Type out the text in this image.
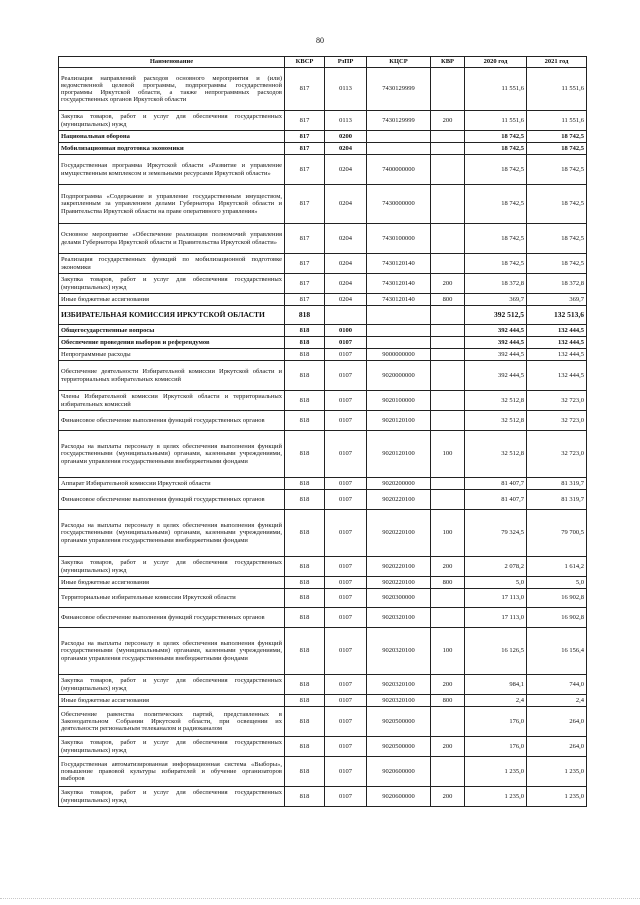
80
Наименование	КВСР	РзПР	КЦСР	КВР	2020 год	2021 год
Реализация направлений расходов основного мероприятия и (или) ведомственной целевой программы, подпрограммы государственной программы Иркутской области, а также непрограммных расходов государственных органов Иркутской области	817	0113	7430129999		11 551,6	11 551,6
Закупка товаров, работ и услуг для обеспечения государственных (муниципальных) нужд	817	0113	7430129999	200	11 551,6	11 551,6
Национальная оборона	817	0200			18 742,5	18 742,5
Мобилизационная подготовка экономики	817	0204			18 742,5	18 742,5
Государственная программа Иркутской области «Развитие и управление имущественным комплексом и земельными ресурсами Иркутской области»	817	0204	7400000000		18 742,5	18 742,5
Подпрограмма «Содержание и управление государственным имуществом, закрепленным за управлением делами Губернатора Иркутской области и Правительства Иркутской области на праве оперативного управления»	817	0204	7430000000		18 742,5	18 742,5
Основное мероприятие «Обеспечение реализации полномочий управления делами Губернатора Иркутской области и Правительства Иркутской области»	817	0204	7430100000		18 742,5	18 742,5
Реализация государственных функций по мобилизационной подготовке экономики	817	0204	7430120140		18 742,5	18 742,5
Закупка товаров, работ и услуг для обеспечения государственных (муниципальных) нужд	817	0204	7430120140	200	18 372,8	18 372,8
Иные бюджетные ассигнования	817	0204	7430120140	800	369,7	369,7
ИЗБИРАТЕЛЬНАЯ КОМИССИЯ ИРКУТСКОЙ ОБЛАСТИ	818				392 512,5	132 513,6
Общегосударственные вопросы	818	0100			392 444,5	132 444,5
Обеспечение проведения выборов и референдумов	818	0107			392 444,5	132 444,5
Непрограммные расходы	818	0107	9000000000		392 444,5	132 444,5
Обеспечение деятельности Избирательной комиссии Иркутской области и территориальных избирательных комиссий	818	0107	9020000000		392 444,5	132 444,5
Члены Избирательной комиссии Иркутской области и территориальных избирательных комиссий	818	0107	9020100000		32 512,8	32 723,0
Финансовое обеспечение выполнения функций государственных органов	818	0107	9020120100		32 512,8	32 723,0
Расходы на выплаты персоналу в целях обеспечения выполнения функций государственными (муниципальными) органами, казенными учреждениями, органами управления государственными внебюджетными фондами	818	0107	9020120100	100	32 512,8	32 723,0
Аппарат Избирательной комиссии Иркутской области	818	0107	9020200000		81 407,7	81 319,7
Финансовое обеспечение выполнения функций государственных органов	818	0107	9020220100		81 407,7	81 319,7
Расходы на выплаты персоналу в целях обеспечения выполнения функций государственными (муниципальными) органами, казенными учреждениями, органами управления государственными внебюджетными фондами	818	0107	9020220100	100	79 324,5	79 700,5
Закупка товаров, работ и услуг для обеспечения государственных (муниципальных) нужд	818	0107	9020220100	200	2 078,2	1 614,2
Иные бюджетные ассигнования	818	0107	9020220100	800	5,0	5,0
Территориальные избирательные комиссии Иркутской области	818	0107	9020300000		17 113,0	16 902,8
Финансовое обеспечение выполнения функций государственных органов	818	0107	9020320100		17 113,0	16 902,8
Расходы на выплаты персоналу в целях обеспечения выполнения функций государственными (муниципальными) органами, казенными учреждениями, органами управления государственными внебюджетными фондами	818	0107	9020320100	100	16 126,5	16 156,4
Закупка товаров, работ и услуг для обеспечения государственных (муниципальных) нужд	818	0107	9020320100	200	984,1	744,0
Иные бюджетные ассигнования	818	0107	9020320100	800	2,4	2,4
Обеспечение равенства политических партий, представленных в Законодательном Собрании Иркутской области, при освещении их деятельности региональным телеканалом и радиоканалом	818	0107	9020500000		176,0	264,0
Закупка товаров, работ и услуг для обеспечения государственных (муниципальных) нужд	818	0107	9020500000	200	176,0	264,0
Государственная автоматизированная информационная система «Выборы», повышение правовой культуры избирателей и обучение организаторов выборов	818	0107	9020600000		1 235,0	1 235,0
Закупка товаров, работ и услуг для обеспечения государственных (муниципальных) нужд	818	0107	9020600000	200	1 235,0	1 235,0
